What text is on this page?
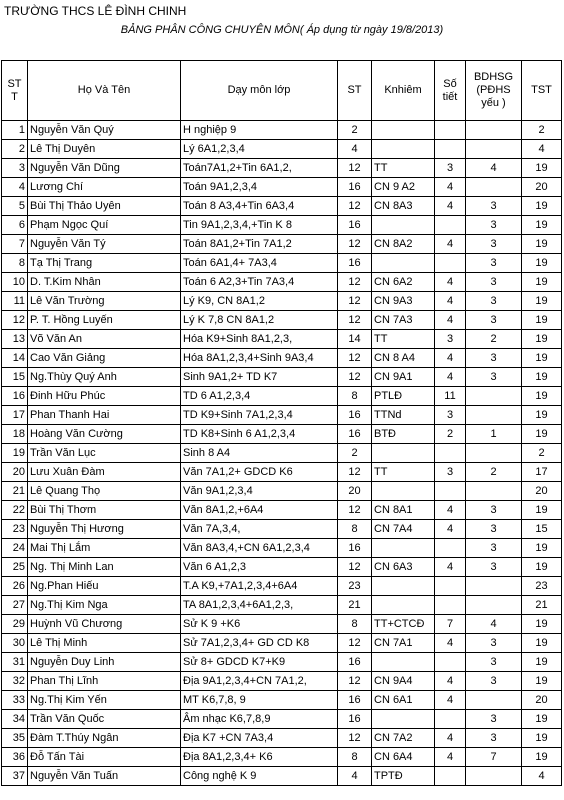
TRƯỜNG THCS LÊ ĐÌNH CHINH
BẢNG PHÂN CÔNG CHUYÊN MÔN( Áp dụng từ ngày 19/8/2013)
ST T	Họ Và Tên	Dạy môn lớp	ST	Knhiêm	Số tiết	BDHSG (PĐHS yếu )	TST
1	Nguyễn Văn Quý	H nghiệp 9	2				2
2	Lê Thị Duyên	Lý 6A1,2,3,4	4				4
3	Nguyễn Văn Dũng	Toán7A1,2+Tin 6A1,2,	12	TT	3	4	19
4	Lương Chí	Toán 9A1,2,3,4	16	CN 9 A2	4		20
5	Bùi Thị Thảo Uyên	Toán 8 A3,4+Tin 6A3,4	12	CN 8A3	4	3	19
6	Phạm Ngọc Quí	Tin 9A1,2,3,4,+Tin K 8	16			3	19
7	Nguyễn Văn Tý	Toán 8A1,2+Tin 7A1,2	12	CN 8A2	4	3	19
8	Tạ Thị Trang	Toán 6A1,4+ 7A3,4	16			3	19
10	D. T.Kim Nhân	Toán 6 A2,3+Tin 7A3,4	12	CN 6A2	4	3	19
11	Lê Văn Trường	Lý K9, CN 8A1,2	12	CN 9A3	4	3	19
12	P. T. Hồng Luyến	Lý K 7,8 CN 8A1,2	12	CN 7A3	4	3	19
13	Võ Văn An	Hóa K9+Sinh 8A1,2,3,	14	TT	3	2	19
14	Cao Văn Giảng	Hóa 8A1,2,3,4+Sinh 9A3,4	12	CN 8 A4	4	3	19
15	Ng.Thùy Quý Anh	Sinh 9A1,2+ TD K7	12	CN 9A1	4	3	19
16	Đinh Hữu Phúc	TD 6 A1,2,3,4	8	PTLĐ	11		19
17	Phan Thanh Hai	TD K9+Sinh 7A1,2,3,4	16	TTNd	3		19
18	Hoàng Văn Cường	TD K8+Sinh 6 A1,2,3,4	16	BTĐ	2	1	19
19	Trần Văn Lục	Sinh 8 A4	2				2
20	Lưu Xuân Đàm	Văn 7A1,2+ GDCD K6	12	TT	3	2	17
21	Lê Quang Thọ	Văn 9A1,2,3,4	20				20
22	Bùi Thị Thơm	Văn 8A1,2,+6A4	12	CN 8A1	4	3	19
23	Nguyễn Thị Hương	Văn 7A,3,4,	8	CN 7A4	4	3	15
24	Mai Thị Lắm	Văn 8A3,4,+CN 6A1,2,3,4	16			3	19
25	Ng. Thị Minh Lan	Văn 6 A1,2,3	12	CN 6A3	4	3	19
26	Ng.Phan Hiếu	T.A K9,+7A1,2,3,4+6A4	23				23
27	Ng.Thị Kim Nga	TA 8A1,2,3,4+6A1,2,3,	21				21
29	Huỳnh Vũ Chương	Sử K 9 +K6	8	TT+CTCĐ	7	4	19
30	Lê Thị Minh	Sử 7A1,2,3,4+ GD CD K8	12	CN 7A1	4	3	19
31	Nguyễn Duy Linh	Sử 8+ GDCD K7+K9	16			3	19
32	Phan Thị Lĩnh	Địa 9A1,2,3,4+CN 7A1,2,	12	CN 9A4	4	3	19
33	Ng.Thị Kim Yến	MT K6,7,8, 9	16	CN 6A1	4		20
34	Trần Văn Quốc	Âm nhạc K6,7,8,9	16			3	19
35	Đàm T.Thúy Ngân	Địa K7 +CN 7A3,4	12	CN 7A2	4	3	19
36	Đỗ Tấn Tài	Địa 8A1,2,3,4+ K6	8	CN 6A4	4	7	19
37	Nguyễn Văn Tuấn	Công nghệ K 9	4	TPTĐ			4
